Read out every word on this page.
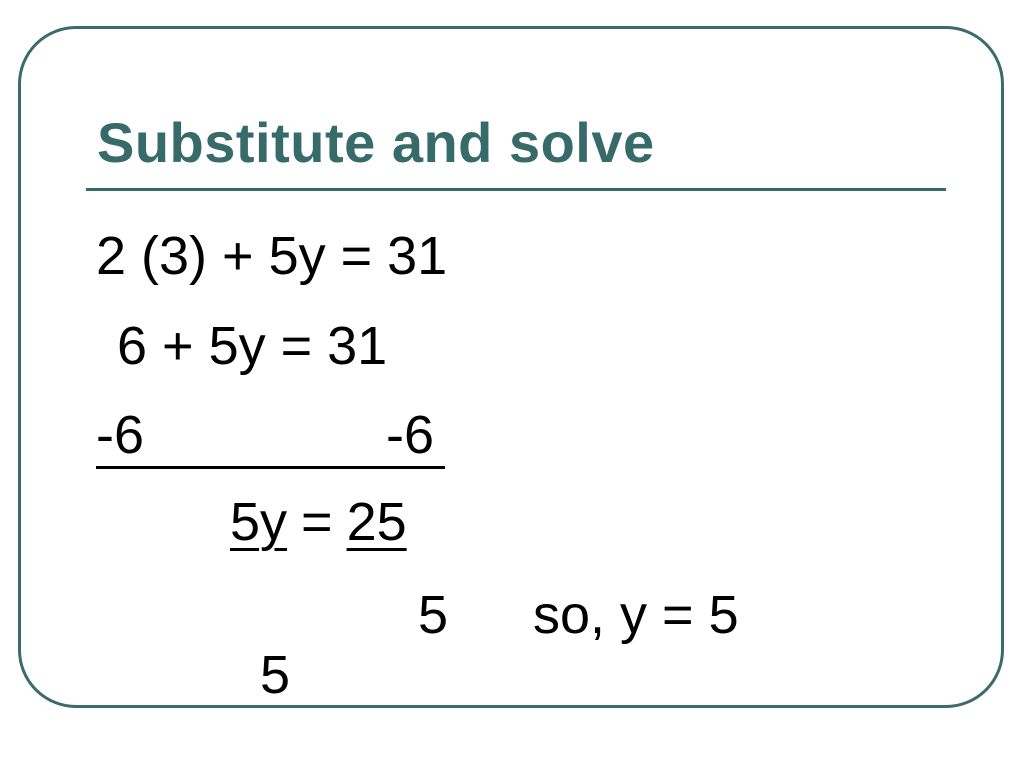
Substitute and solve
2 (3) + 5y = 31
6 + 5y = 31

-6

	-6

5y = 25

5

5

so, y = 5
